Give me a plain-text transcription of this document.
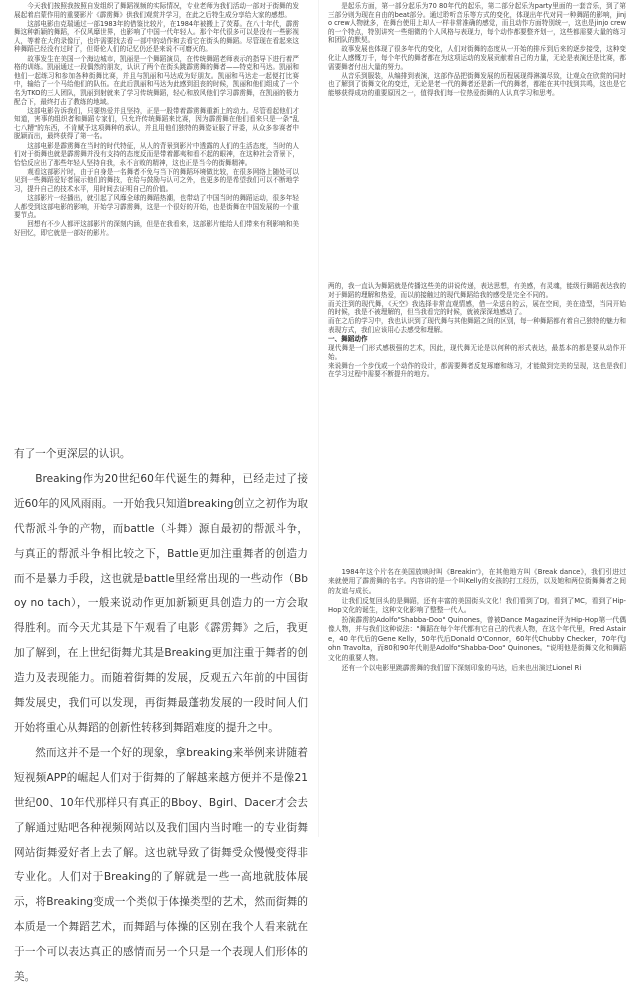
今天我们按照我按照自发组织了舞蹈视频的实际情况，专业老师为我们活动一部对于街舞的发展起着启蒙作用的重要影片《霹雳舞》供我们观赏并学习，在此之后特生成分享给大家的感想。

这部电影由克瑞通过一部1983年的借鉴比较片，在1984年被搬上了荧幕。在八十年代，霹雳舞这种新颖的舞蹈，不仅风靡世界，也影响了中国一代年轻人。那个年代很多可以是没有一些影视人，等着在大的录像厅，也许需要找去看一部中的动作和去看它在街头的舞蹈。尽管现在看起来这种舞蹈已经没有过时了，但哥伦人们的记忆仍还是来说不可磨灭的。

故事发生在美国一个海边城市，凯丽是一个舞蹈演员，在传统舞蹈老师表示的指导下进行着严格的训练。凯丽通过一段偶然的朋友，认识了两个在街头跳霹雳舞的舞者——特克和马达。凯丽和他们一起练习和参加各种街舞比赛，并且与凯丽和马达成为好朋友。凯丽和马达走一起便打比赛中，输给了一个马给他们的队伍。在此后凯丽和马达为此感到沮丧的时候，凯丽和他们组成了一个名为TKO的三人团队，凯丽到射就来了学习传统舞蹈，轻心和放风他们学习霹雳舞，在凯丽的极力配合下，最终打击了教练的地域。

这部电影告诉我们，只要热爱并且坚持，正是一股带着霹雳舞重新上的动力。尽管看起他们才知道，害事的组织者和舞蹈专家们，只允许传统舞蹈来比赛，因为霹雳舞在他们看来只是一条"乱七八糟"的东西，不肯赋予这项舞种的承认，并且用他们独特的舞姿证服了评委，从众多参赛者中脱颖而出，最终获得了第一名。

这部电影是霹雳舞在当时的时代特征，从人的背景到影片中透露的人们的生活态度，当时的人们对于街舞也就是霹雳舞并没有支持的态度反而是带着鄙夷和看不起的眼神，在这种社会背景下，恰恰反应出了那些年轻人坚持自我，永不言败的精神，这也正是当今的街舞精神。

观看这部影片时，由于自身是一名舞者不免与当下的舞蹈环境做比较，在很多网络上随处可以见到一些舞蹈爱好者展示他们的舞技，在给与鼓励与认可之外，也更多的是希望我们可以不断地学习，提升自己的技术水平，用时间去证明自己的价值。

这部影片一经播出，就引起了风靡全球的舞蹈热潮，也带动了中国当时的舞蹈运动，很多年轻人都受到这部电影的影响，开始学习霹雳舞，这是一个很好的开始，也是街舞在中国发展的一个重要节点。

回想有不少人都评这部影片的深刻内涵，但是在我看来，这部影片能给人们带来有利影响和美好回忆，即它就是一部好的影片。

是起乐方面，第一部分起乐为70 80年代的起乐，第二部分起乐为party里面的一套音乐，到了第三部分则为现在自由的beat部分。通过聆听音乐等方式的变化，体现出年代对同一种舞蹈的影响，jinjo crew人物就多，在舞台使用上却人一样非常准确的感觉，而且动作方面特别统一，这也是jinjo crew的一个特点，特别讲究一些细微的个人风格与表现力，每个动作都要整齐划一，这些都需要大量的练习和团队的默契。

故事发展也体现了很多年代的变化，人们对街舞的态度从一开始的排斥到后来的逐步接受，这种变化让人感慨万千，每个年代的舞者都在为这项运动的发展贡献着自己的力量，无论是表演还是比赛，都需要舞者付出大量的努力。

从音乐到服装，从编排到表演，这部作品把街舞发展的历程展现得淋漓尽致，让观众在欣赏的同时也了解到了街舞文化的变迁，无论是老一代的舞者还是新一代的舞者，都能在其中找到共鸣，这也是它能够获得成功的重要原因之一，值得我们每一位热爱街舞的人认真学习和思考。

两的，我一直认为舞蹈就是传播这些美的讲说传递，表达思想，有美感，有灵魂，能级行舞蹈表达我的对于舞蹈的理解和热爱，而以前接触过的现代舞蹈给我的感受是完全不同的。

而关注到的现代舞，《天空》我选择非常直观情感，借一朵送自的云，展在空间，美在造型，当同开始的时候，我是不被理解的，但当我看完的时候，就被深深地感动了。

而在之后的学习中，我也认识到了现代舞与其他舞蹈之间的区别，每一种舞蹈都有着自己独特的魅力和表现方式，我们应该用心去感受和理解。

一、舞蹈动作

现代舞是一门形式感极强的艺术，因此，现代舞无论是以何种的形式表达，最基本的都是要从动作开始。

来说舞台一个步伐或一个动作的设计，都需要舞者反复琢磨和练习，才能做到完美的呈现，这也是我们在学习过程中需要不断提升的地方。

1984年这个片名在美国放映时叫《Breakin'》，在其他地方叫《Break dance》，我们引进过来就使用了霹雳舞的名字。内容讲的是一个叫Kelly的女孩的打工经历，以及她和两位街舞舞者之间的友谊与成长。

让我们反复回头的是舞蹈，还有丰富的美国街头文化！我们看到了DJ，看到了MC，看到了Hip-Hop文化的诞生，这种文化影响了整整一代人。

扮演霹雳的Adolfo"Shabba-Doo" Quinones，曾被Dance Magazine评为Hip-Hop第一代偶像人物，并与我们这种说法："舞蹈在每个年代都有它自己的代表人物，在这个年代里，Fred Astaire，40 年代后的Gene Kelly，50年代后Donald O'Connor，60年代Chubby Checker，70年代John Travolta，而80和90年代则是Adolfo"Shabba-Doo" Quinones。"说明他是街舞文化和舞蹈文化的重要人物。

还有一个以电影里跳霹雳舞的我们留下深刻印象的马达，后来也出演过Lionel Ri

有了一个更深层的认识。

Breaking作为20世纪60年代诞生的舞种，已经走过了接近60年的风风雨雨。一开始我只知道breaking创立之初作为取代帮派斗争的产物，而battle（斗舞）源自最初的帮派斗争，与真正的帮派斗争相比较之下，Battle更加注重舞者的创造力而不是暴力手段，这也就是battle里经常出现的一些动作（Bboy no tach），一般来说动作更加新颖更具创造力的一方会取得胜利。而今天尤其是下午观看了电影《霹雳舞》之后，我更加了解到，在上世纪街舞尤其是Breaking更加注重于舞者的创造力及表现能力。而随着街舞的发展，反观五六年前的中国街舞发展史，我们可以发现，再街舞最蓬勃发展的一段时间人们开始将重心从舞蹈的创新性转移到舞蹈难度的提升之中。

然而这并不是一个好的现象，拿breaking来举例来讲随着短视频APP的崛起人们对于街舞的了解越来越方便并不是像21世纪00、10年代那样只有真正的Bboy、Bgirl、Dacer才会去了解通过贴吧各种视频网站以及我们国内当时唯一的专业街舞网站街舞爱好者上去了解。这也就导致了街舞受众慢慢变得非专业化。人们对于Breaking的了解就是一些一高地就肢体展示，将Breaking变成一个类似于体操类型的艺术，然而街舞的本质是一个舞蹈艺术，而舞蹈与体操的区别在我个人看来就在于一个可以表达真正的感情而另一个只是一个表现人们形体的美。
